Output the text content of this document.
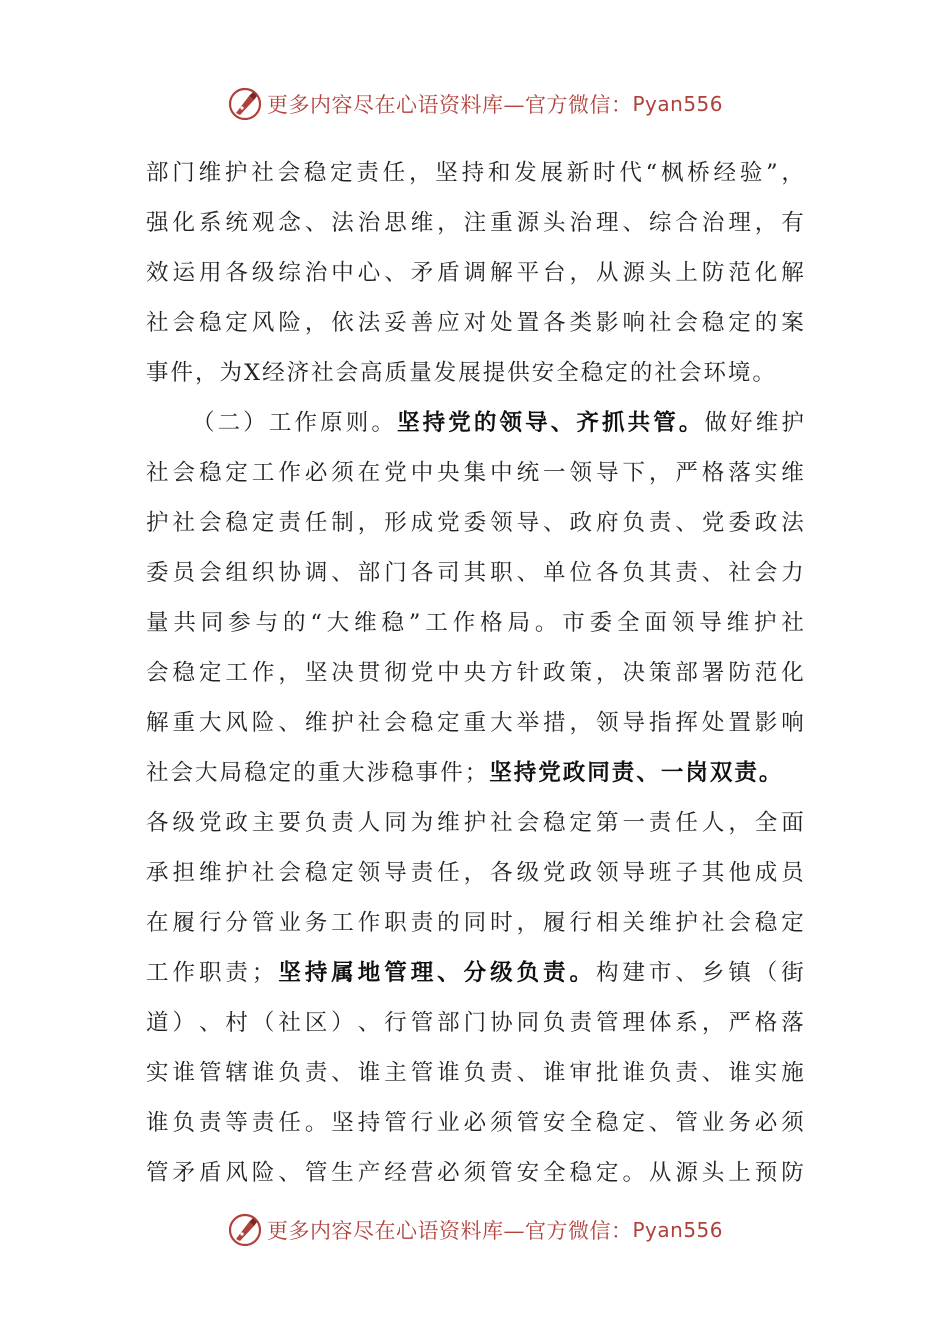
更多内容尽在心语资料库—官方微信： Pyan556
部 门 维 护 社 会 稳 定 责 任 ， 坚 持 和 发 展 新 时 代 “ 枫 桥 经 验 ” ，
强 化 系 统 观 念 、 法 治 思 维 ， 注 重 源 头 治 理 、 综 合 治 理 ， 有
效 运 用 各 级 综 治 中 心 、 矛 盾 调 解 平 台 ， 从 源 头 上 防 范 化 解
社 会 稳 定 风 险 ， 依 法 妥 善 应 对 处 置 各 类 影 响 社 会 稳 定 的 案
事 件 ， 为 X 经 济 社 会 高 质 量 发 展 提 供 安 全 稳 定 的 社 会 环 境 。
（ 二 ） 工 作 原 则 。 坚 持 党 的 领 导 、 齐 抓 共 管 。 做 好 维 护
社 会 稳 定 工 作 必 须 在 党 中 央 集 中 统 一 领 导 下 ， 严 格 落 实 维
护 社 会 稳 定 责 任 制 ， 形 成 党 委 领 导 、 政 府 负 责 、 党 委 政 法
委 员 会 组 织 协 调 、 部 门 各 司 其 职 、 单 位 各 负 其 责 、 社 会 力
量 共 同 参 与 的 “ 大 维 稳 ” 工 作 格 局 。 市 委 全 面 领 导 维 护 社
会 稳 定 工 作 ， 坚 决 贯 彻 党 中 央 方 针 政 策 ， 决 策 部 署 防 范 化
解 重 大 风 险 、 维 护 社 会 稳 定 重 大 举 措 ， 领 导 指 挥 处 置 影 响
社 会 大 局 稳 定 的 重 大 涉 稳 事 件 ； 坚 持 党 政 同 责 、 一 岗 双 责 。
各 级 党 政 主 要 负 责 人 同 为 维 护 社 会 稳 定 第 一 责 任 人 ， 全 面
承 担 维 护 社 会 稳 定 领 导 责 任 ， 各 级 党 政 领 导 班 子 其 他 成 员
在 履 行 分 管 业 务 工 作 职 责 的 同 时 ， 履 行 相 关 维 护 社 会 稳 定
工 作 职 责 ； 坚 持 属 地 管 理 、 分 级 负 责 。 构 建 市 、 乡 镇 （ 街
道 ） 、 村 （ 社 区 ） 、 行 管 部 门 协 同 负 责 管 理 体 系 ， 严 格 落
实 谁 管 辖 谁 负 责 、 谁 主 管 谁 负 责 、 谁 审 批 谁 负 责 、 谁 实 施
谁 负 责 等 责 任 。 坚 持 管 行 业 必 须 管 安 全 稳 定 、 管 业 务 必 须
管 矛 盾 风 险 、 管 生 产 经 营 必 须 管 安 全 稳 定 。 从 源 头 上 预 防
更多内容尽在心语资料库—官方微信： Pyan556
